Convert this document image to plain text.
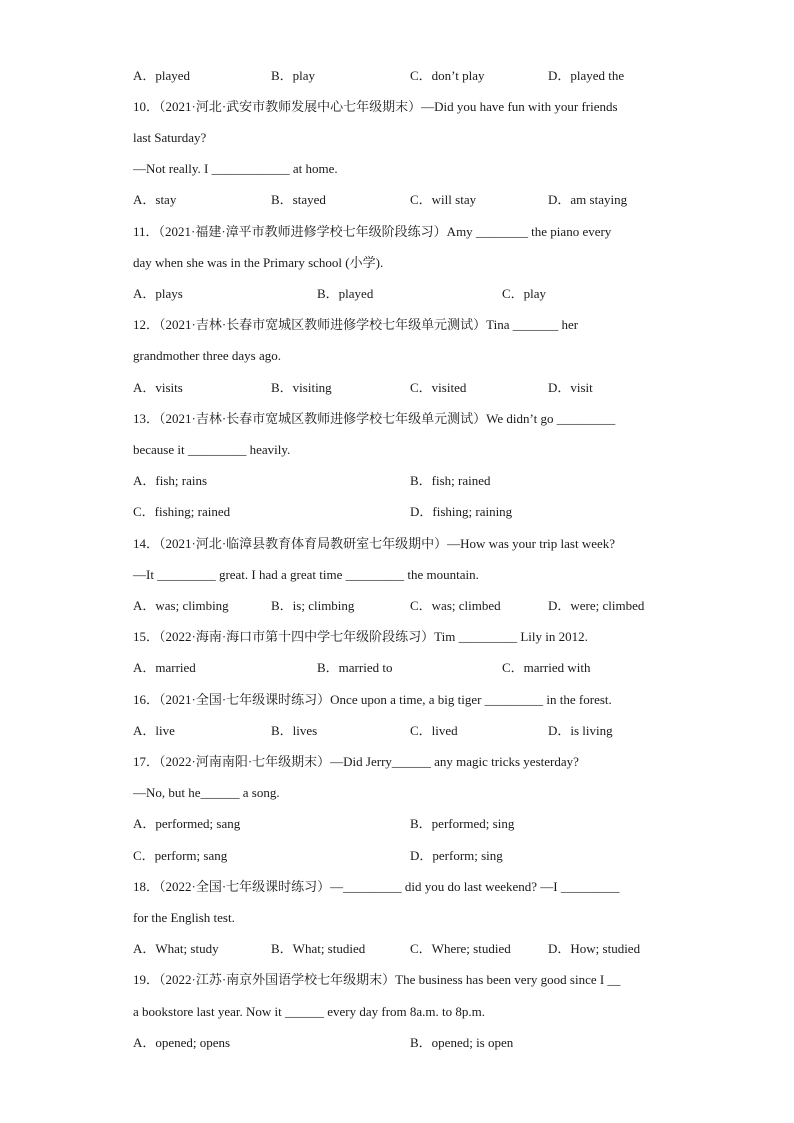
A．played	B．play	C．don’t play	D．played the
10．（2021·河北·武安市教师发展中心七年级期末）—Did you have fun with your friends
last Saturday?
—Not really. I ____________ at home.
A．stay	B．stayed	C．will stay	D．am staying
11．（2021·福建·漳平市教师进修学校七年级阶段练习）Amy ________ the piano every
day when she was in the Primary school (小学).
A．plays	B．played	C．play
12．（2021·吉林·长春市宽城区教师进修学校七年级单元测试）Tina _______ her
grandmother three days ago.
A．visits	B．visiting	C．visited	D．visit
13．（2021·吉林·长春市宽城区教师进修学校七年级单元测试）We didn’t go _________
because it _________ heavily.
A．fish; rains	B．fish; rained
C．fishing; rained	D．fishing; raining
14．（2021·河北·临漳县教育体育局教研室七年级期中）—How was your trip last week?
—It _________ great. I had a great time _________ the mountain.
A．was; climbing	B．is; climbing	C．was; climbed	D．were; climbed
15．（2022·海南·海口市第十四中学七年级阶段练习）Tim _________ Lily in 2012.
A．married	B．married to	C．married with
16．（2021·全国·七年级课时练习）Once upon a time, a big tiger _________ in the forest.
A．live	B．lives	C．lived	D．is living
17．（2022·河南南阳·七年级期末）—Did Jerry______ any magic tricks yesterday?
—No, but he______ a song.
A．performed; sang	B．performed; sing
C．perform; sang	D．perform; sing
18．（2022·全国·七年级课时练习）—_________ did you do last weekend? —I _________
for the English test.
A．What; study	B．What; studied	C．Where; studied	D．How; studied
19．（2022·江苏·南京外国语学校七年级期末）The business has been very good since I __
a bookstore last year. Now it ______ every day from 8a.m. to 8p.m.
A．opened; opens	B．opened; is open
